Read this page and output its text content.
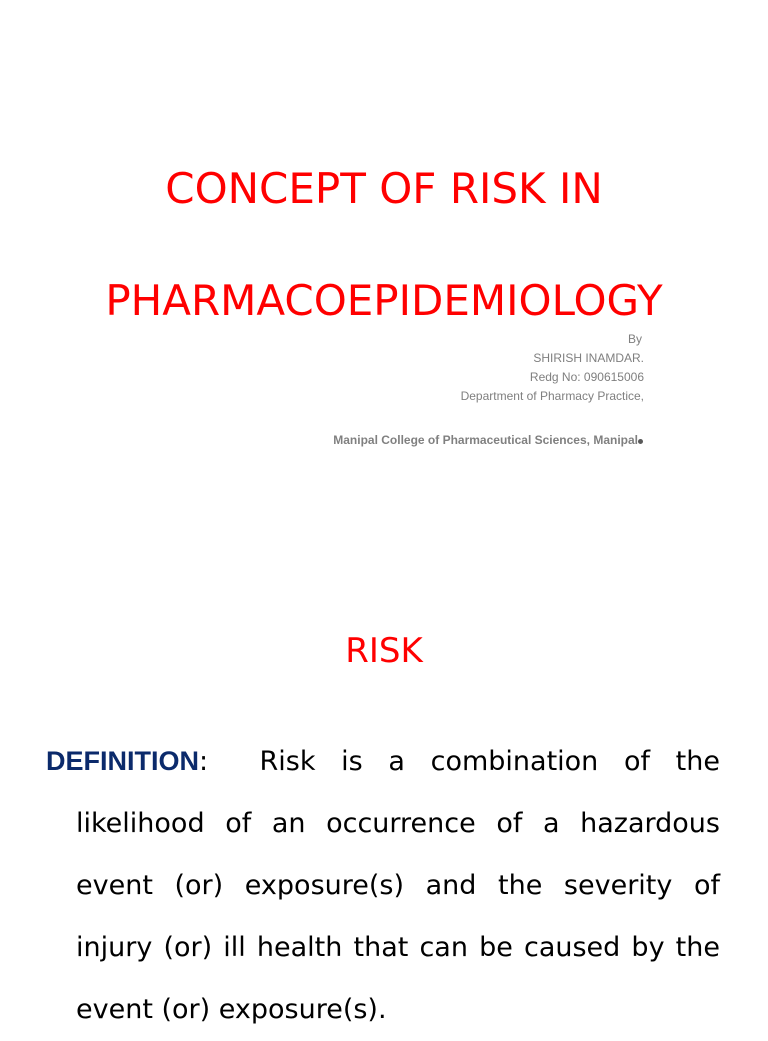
CONCEPT OF RISK IN
PHARMACOEPIDEMIOLOGY
By
SHIRISH INAMDAR.
Redg No: 090615006
Department of Pharmacy Practice,
Manipal College of Pharmaceutical Sciences, Manipal
RISK
DEFINITION: Risk is a combination of the
likelihood of an occurrence of a hazardous
event (or) exposure(s) and the severity of
injury (or) ill health that can be caused by the
event (or) exposure(s).
